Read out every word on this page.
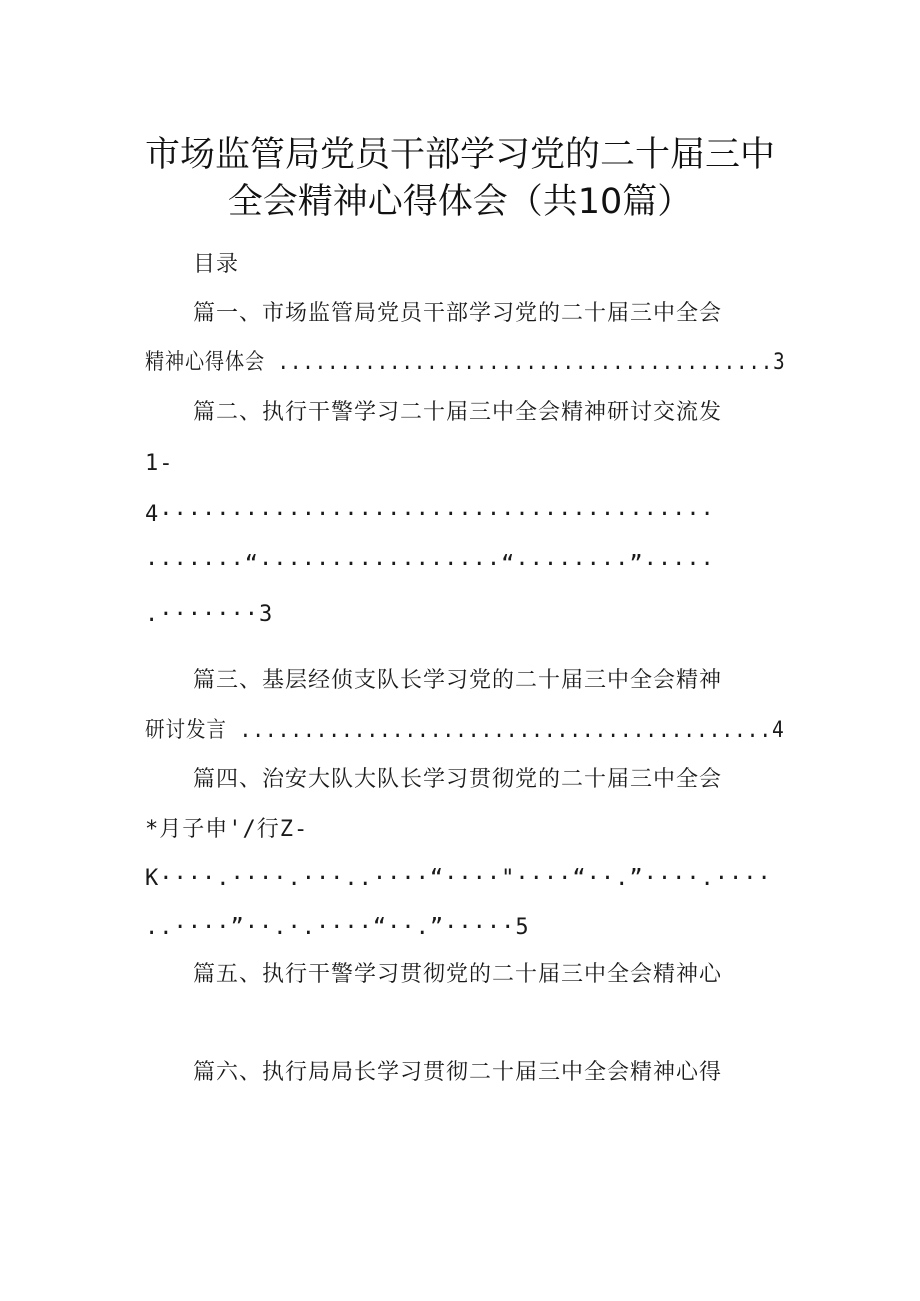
市场监管局党员干部学习党的二十届三中
全会精神心得体会（共10篇）
目录
篇一、市场监管局党员干部学习党的二十届三中全会
精神心得体会 ........................................3
篇二、执行干警学习二十届三中全会精神研讨交流发
1-
4·······································
·······“·················“········”·····
.·······3
篇三、基层经侦支队长学习党的二十届三中全会精神
研讨发言 ..........................................4
篇四、治安大队大队长学习贯彻党的二十届三中全会
*月子申'/行Z-
K····.····.···..····“····"····“··.”····.····
..····”··.·.····“··.”·····5
篇五、执行干警学习贯彻党的二十届三中全会精神心
篇六、执行局局长学习贯彻二十届三中全会精神心得
